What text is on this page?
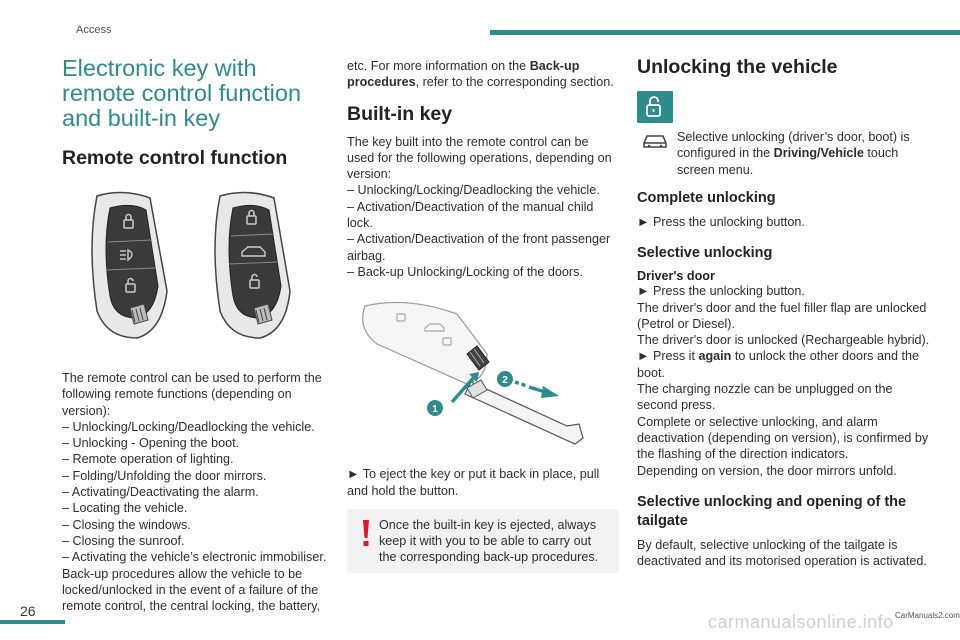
Access
Electronic key with remote control function and built-in key
Remote control function

The remote control can be used to perform the following remote functions (depending on version):

– Unlocking/Locking/Deadlocking the vehicle.
– Unlocking - Opening the boot.
– Remote operation of lighting.
– Folding/Unfolding the door mirrors.
– Activating/Deactivating the alarm.
– Locating the vehicle.
– Closing the windows.
– Closing the sunroof.
– Activating the vehicle’s electronic immobiliser.

Back-up procedures allow the vehicle to be locked/unlocked in the event of a failure of the remote control, the central locking, the battery,

etc. For more information on the Back-up procedures, refer to the corresponding section.

Built-in key

The key built into the remote control can be used for the following operations, depending on version:

– Unlocking/Locking/Deadlocking the vehicle.
– Activation/Deactivation of the manual child lock.
– Activation/Deactivation of the front passenger airbag.
– Back-up Unlocking/Locking of the doors.
1
2

► To eject the key or put it back in place, pull and hold the button.

Once the built-in key is ejected, always keep it with you to be able to carry out the corresponding back-up procedures.

Unlocking the vehicle

Selective unlocking (driver’s door, boot) is configured in the Driving/Vehicle touch screen menu.

Complete unlocking

► Press the unlocking button.

Selective unlocking
Driver's door

► Press the unlocking button.

The driver's door and the fuel filler flap are unlocked (Petrol or Diesel).

The driver's door is unlocked (Rechargeable hybrid).

► Press it again to unlock the other doors and the boot.

The charging nozzle can be unplugged on the second press.

Complete or selective unlocking, and alarm deactivation (depending on version), is confirmed by the flashing of the direction indicators.

Depending on version, the door mirrors unfold.

Selective unlocking and opening of the tailgate

By default, selective unlocking of the tailgate is deactivated and its motorised operation is activated.

26
carmanualsonline.info CarManuals2.com
